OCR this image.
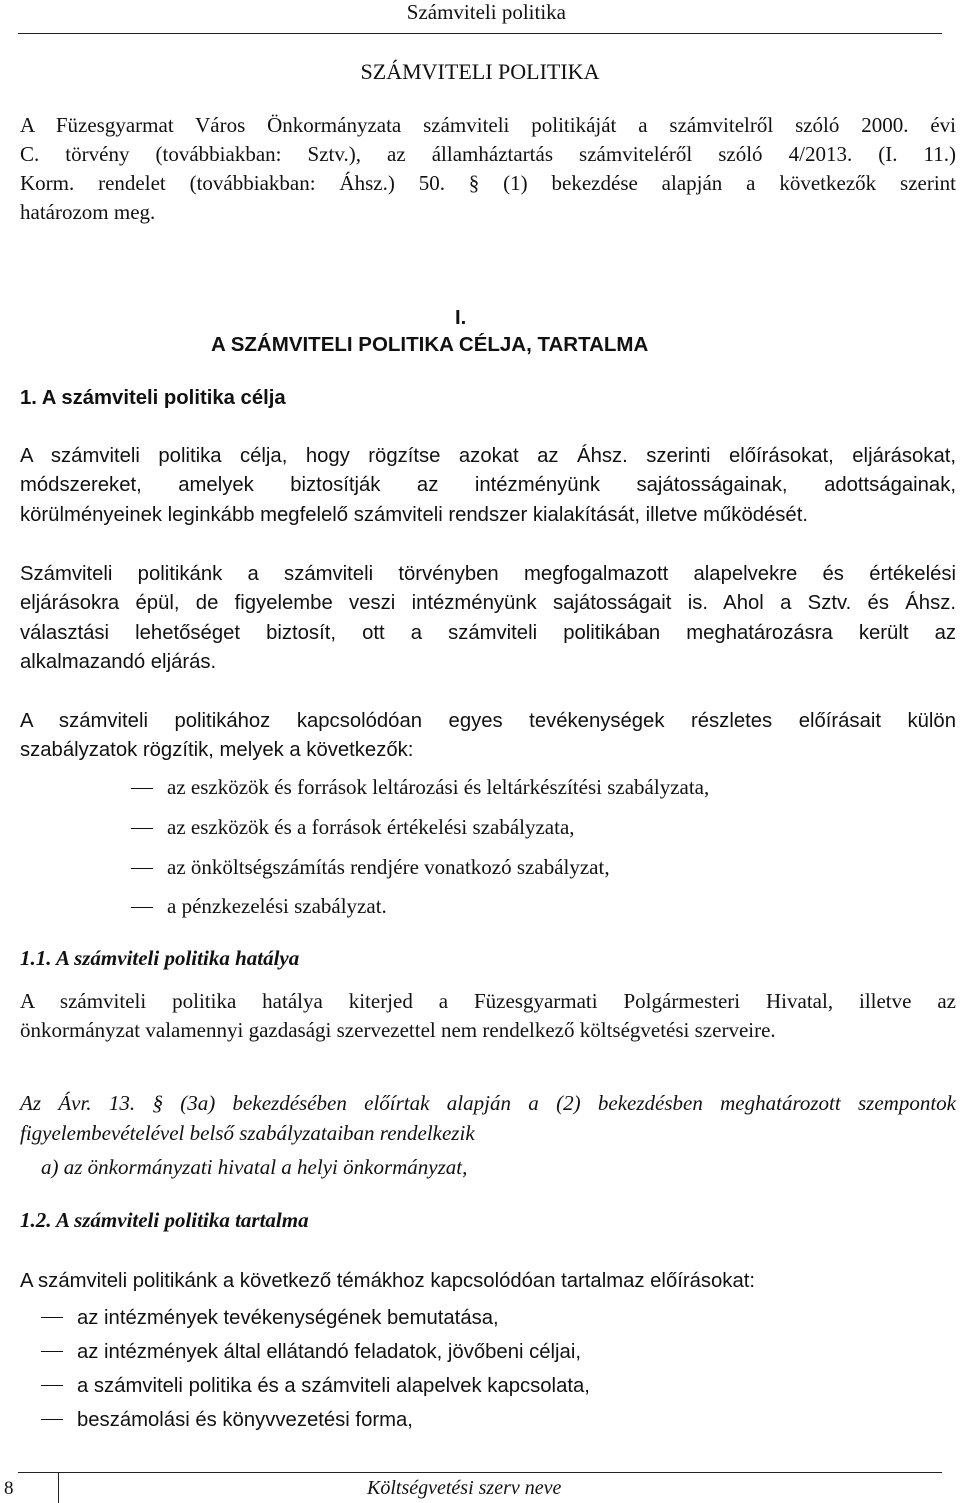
Számviteli politika
SZÁMVITELI POLITIKA
A Füzesgyarmat Város Önkormányzata számviteli politikáját a számvitelről szóló 2000. évi
C. törvény (továbbiakban: Sztv.), az államháztartás számviteléről szóló 4/2013. (I. 11.)
Korm. rendelet (továbbiakban: Áhsz.) 50. § (1) bekezdése alapján a következők szerint
határozom meg.
I.
A SZÁMVITELI POLITIKA CÉLJA, TARTALMA
1. A számviteli politika célja
A számviteli politika célja, hogy rögzítse azokat az Áhsz. szerinti előírásokat, eljárásokat,
módszereket, amelyek biztosítják az intézményünk sajátosságainak, adottságainak,
körülményeinek leginkább megfelelő számviteli rendszer kialakítását, illetve működését.
Számviteli politikánk a számviteli törvényben megfogalmazott alapelvekre és értékelési
eljárásokra épül, de figyelembe veszi intézményünk sajátosságait is. Ahol a Sztv. és Áhsz.
választási lehetőséget biztosít, ott a számviteli politikában meghatározásra került az
alkalmazandó eljárás.
A számviteli politikához kapcsolódóan egyes tevékenységek részletes előírásait külön
szabályzatok rögzítik, melyek a következők:
az eszközök és források leltározási és leltárkészítési szabályzata,
az eszközök és a források értékelési szabályzata,
az önköltségszámítás rendjére vonatkozó szabályzat,
a pénzkezelési szabályzat.
1.1. A számviteli politika hatálya
A számviteli politika hatálya kiterjed a Füzesgyarmati Polgármesteri Hivatal, illetve az
önkormányzat valamennyi gazdasági szervezettel nem rendelkező költségvetési szerveire.
Az Ávr. 13. § (3a) bekezdésében előírtak alapján a (2) bekezdésben meghatározott szempontok
figyelembevételével belső szabályzataiban rendelkezik
a) az önkormányzati hivatal a helyi önkormányzat,
1.2. A számviteli politika tartalma
A számviteli politikánk a következő témákhoz kapcsolódóan tartalmaz előírásokat:
az intézmények tevékenységének bemutatása,
az intézmények által ellátandó feladatok, jövőbeni céljai,
a számviteli politika és a számviteli alapelvek kapcsolata,
beszámolási és könyvvezetési forma,
8	Költségvetési szerv neve
